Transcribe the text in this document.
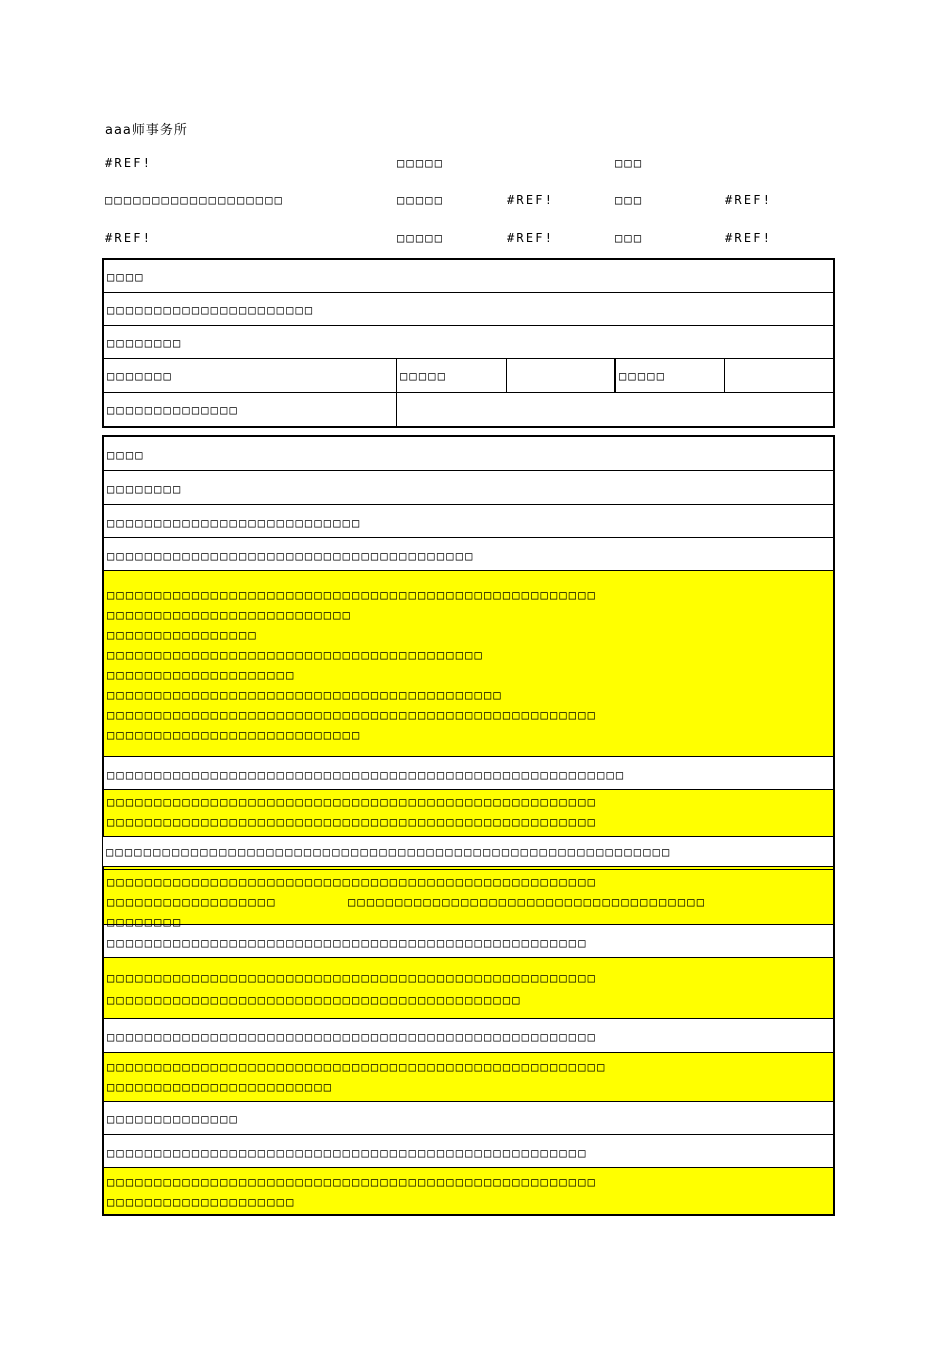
aaa师事务所
#REF!	□□□□□	□□□
□□□□□□□□□□□□□□□□□□□	□□□□□	#REF!	□□□	#REF!
#REF!	□□□□□	#REF!	□□□	#REF!
□□□□
□□□□□□□□□□□□□□□□□□□□□□
□□□□□□□□
□□□□□□□	□□□□□	□□□□□
□□□□□□□□□□□□□□
□□□□
□□□□□□□□
□□□□□□□□□□□□□□□□□□□□□□□□□□□
□□□□□□□□□□□□□□□□□□□□□□□□□□□□□□□□□□□□□□□
□□□□□□□□□□□□□□□□□□□□□□□□□□□□□□□□□□□□□□□□□□□□□□□□□□□□
□□□□□□□□□□□□□□□□□□□□□□□□□□
□□□□□□□□□□□□□□□□
□□□□□□□□□□□□□□□□□□□□□□□□□□□□□□□□□□□□□□□□
□□□□□□□□□□□□□□□□□□□□
□□□□□□□□□□□□□□□□□□□□□□□□□□□□□□□□□□□□□□□□□□
□□□□□□□□□□□□□□□□□□□□□□□□□□□□□□□□□□□□□□□□□□□□□□□□□□□□
□□□□□□□□□□□□□□□□□□□□□□□□□□□
□□□□□□□□□□□□□□□□□□□□□□□□□□□□□□□□□□□□□□□□□□□□□□□□□□□□□□□
□□□□□□□□□□□□□□□□□□□□□□□□□□□□□□□□□□□□□□□□□□□□□□□□□□□□
□□□□□□□□□□□□□□□□□□□□□□□□□□□□□□□□□□□□□□□□□□□□□□□□□□□□
□□□□□□□□□□□□□□□□□□□□□□□□□□□□□□□□□□□□□□□□□□□□□□□□□□□□
□□□□□□□□□□□□□□□□□□	□□□□□□□□□□□□□□□□□□□□□□□□□□□□□□□□□□□□□□
□□□□□□□□
□□□□□□□□□□□□□□□□□□□□□□□□□□□□□□□□□□□□□□□□□□□□□□□□□□□
□□□□□□□□□□□□□□□□□□□□□□□□□□□□□□□□□□□□□□□□□□□□□□□□□□□□
□□□□□□□□□□□□□□□□□□□□□□□□□□□□□□□□□□□□□□□□□□□□
□□□□□□□□□□□□□□□□□□□□□□□□□□□□□□□□□□□□□□□□□□□□□□□□□□□□
□□□□□□□□□□□□□□□□□□□□□□□□□□□□□□□□□□□□□□□□□□□□□□□□□□□□□
□□□□□□□□□□□□□□□□□□□□□□□□
□□□□□□□□□□□□□□
□□□□□□□□□□□□□□□□□□□□□□□□□□□□□□□□□□□□□□□□□□□□□□□□□□□
□□□□□□□□□□□□□□□□□□□□□□□□□□□□□□□□□□□□□□□□□□□□□□□□□□□□
□□□□□□□□□□□□□□□□□□□□
□□□□□□□□□□□□□□□□□□□□□□□□□□□□□□□□□□□□□□□□□□□□□□□□□□□□□□□□□□□□
